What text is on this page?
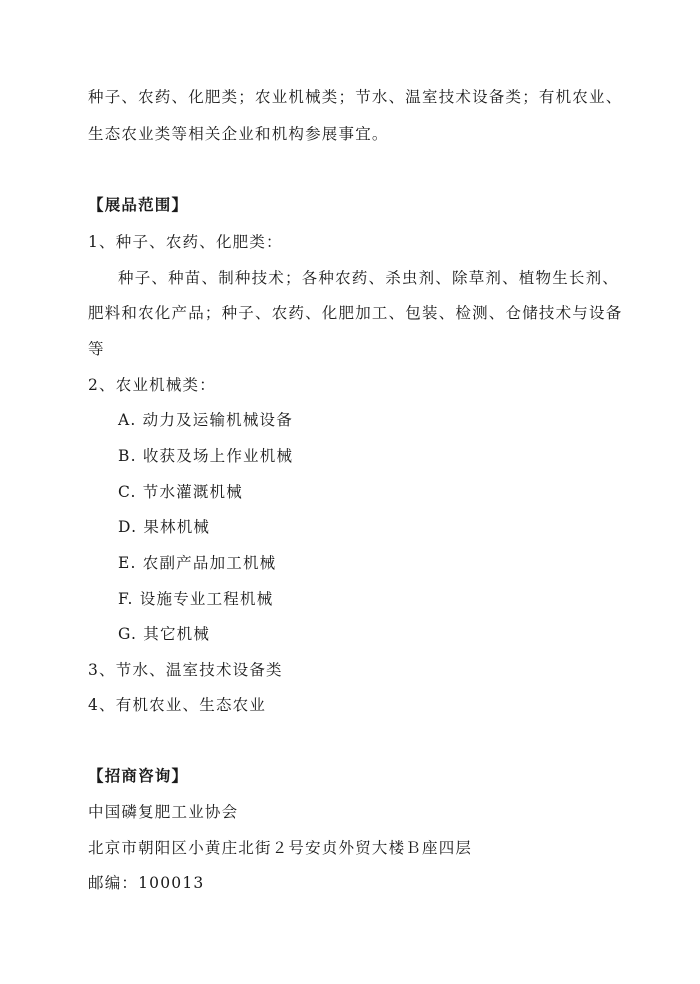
种子、农药、化肥类；农业机械类；节水、温室技术设备类；有机农业、
生态农业类等相关企业和机构参展事宜。
【展品范围】
1、种子、农药、化肥类：
种子、种苗、制种技术；各种农药、杀虫剂、除草剂、植物生长剂、
肥料和农化产品；种子、农药、化肥加工、包装、检测、仓储技术与设备
等
2、农业机械类：
A. 动力及运输机械设备
B. 收获及场上作业机械
C. 节水灌溉机械
D. 果林机械
E. 农副产品加工机械
F. 设施专业工程机械
G. 其它机械
3、节水、温室技术设备类
4、有机农业、生态农业
【招商咨询】
中国磷复肥工业协会
北京市朝阳区小黄庄北街２号安贞外贸大楼Ｂ座四层
邮编：100013
